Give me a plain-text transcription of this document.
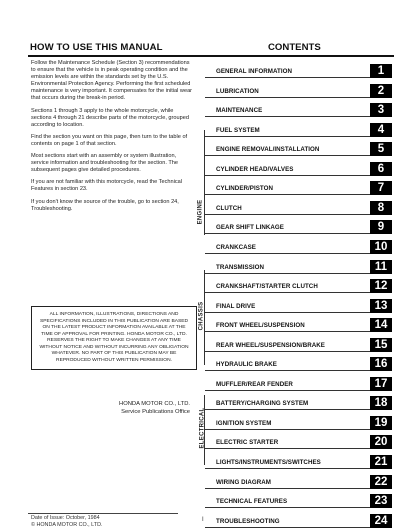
HOW TO USE THIS MANUAL	CONTENTS

Follow the Maintenance Schedule (Section 3) recommendations to ensure that the vehicle is in peak operating condition and the emission levels are within the standards set by the U.S. Environmental Protection Agency. Performing the first scheduled maintenance is very important. It compensates for the initial wear that occurs during the break-in period.

Sections 1 through 3 apply to the whole motorcycle, while sections 4 through 21 describe parts of the motorcycle, grouped according to location.

Find the section you want on this page, then turn to the table of contents on page 1 of that section.

Most sections start with an assembly or system illustration, service information and troubleshooting for the section. The subsequent pages give detailed procedures.

If you are not familiar with this motorcycle, read the Technical Features in section 23.

If you don't know the source of the trouble, go to section 24, Troubleshooting.

ALL INFORMATION, ILLUSTRATIONS, DIRECTIONS AND SPECIFICATIONS INCLUDED IN THIS PUBLICATION ARE BASED ON THE LATEST PRODUCT INFORMATION AVAILABLE AT THE TIME OF APPROVAL FOR PRINTING. HONDA MOTOR CO., LTD. RESERVES THE RIGHT TO MAKE CHANGES AT ANY TIME WITHOUT NOTICE AND WITHOUT INCURRING ANY OBLIGATION WHATEVER. NO PART OF THIS PUBLICATION MAY BE REPRODUCED WITHOUT WRITTEN PERMISSION.
HONDA MOTOR CO., LTD.
Service Publications Office
GENERAL INFORMATION	1
LUBRICATION	2
MAINTENANCE	3
FUEL SYSTEM	4
ENGINE REMOVAL/INSTALLATION	5
CYLINDER HEAD/VALVES	6
CYLINDER/PISTON	7
CLUTCH	8
GEAR SHIFT LINKAGE	9
CRANKCASE	10
TRANSMISSION	11
CRANKSHAFT/STARTER CLUTCH	12
FINAL DRIVE	13
FRONT WHEEL/SUSPENSION	14
REAR WHEEL/SUSPENSION/BRAKE	15
HYDRAULIC BRAKE	16
MUFFLER/REAR FENDER	17
BATTERY/CHARGING SYSTEM	18
IGNITION SYSTEM	19
ELECTRIC STARTER	20
LIGHTS/INSTRUMENTS/SWITCHES	21
WIRING DIAGRAM	22
TECHNICAL FEATURES	23
TROUBLESHOOTING	24
ENGINE
CHASSIS
ELECTRICAL
Date of Issue: October, 1984
© HONDA MOTOR CO., LTD.
I
